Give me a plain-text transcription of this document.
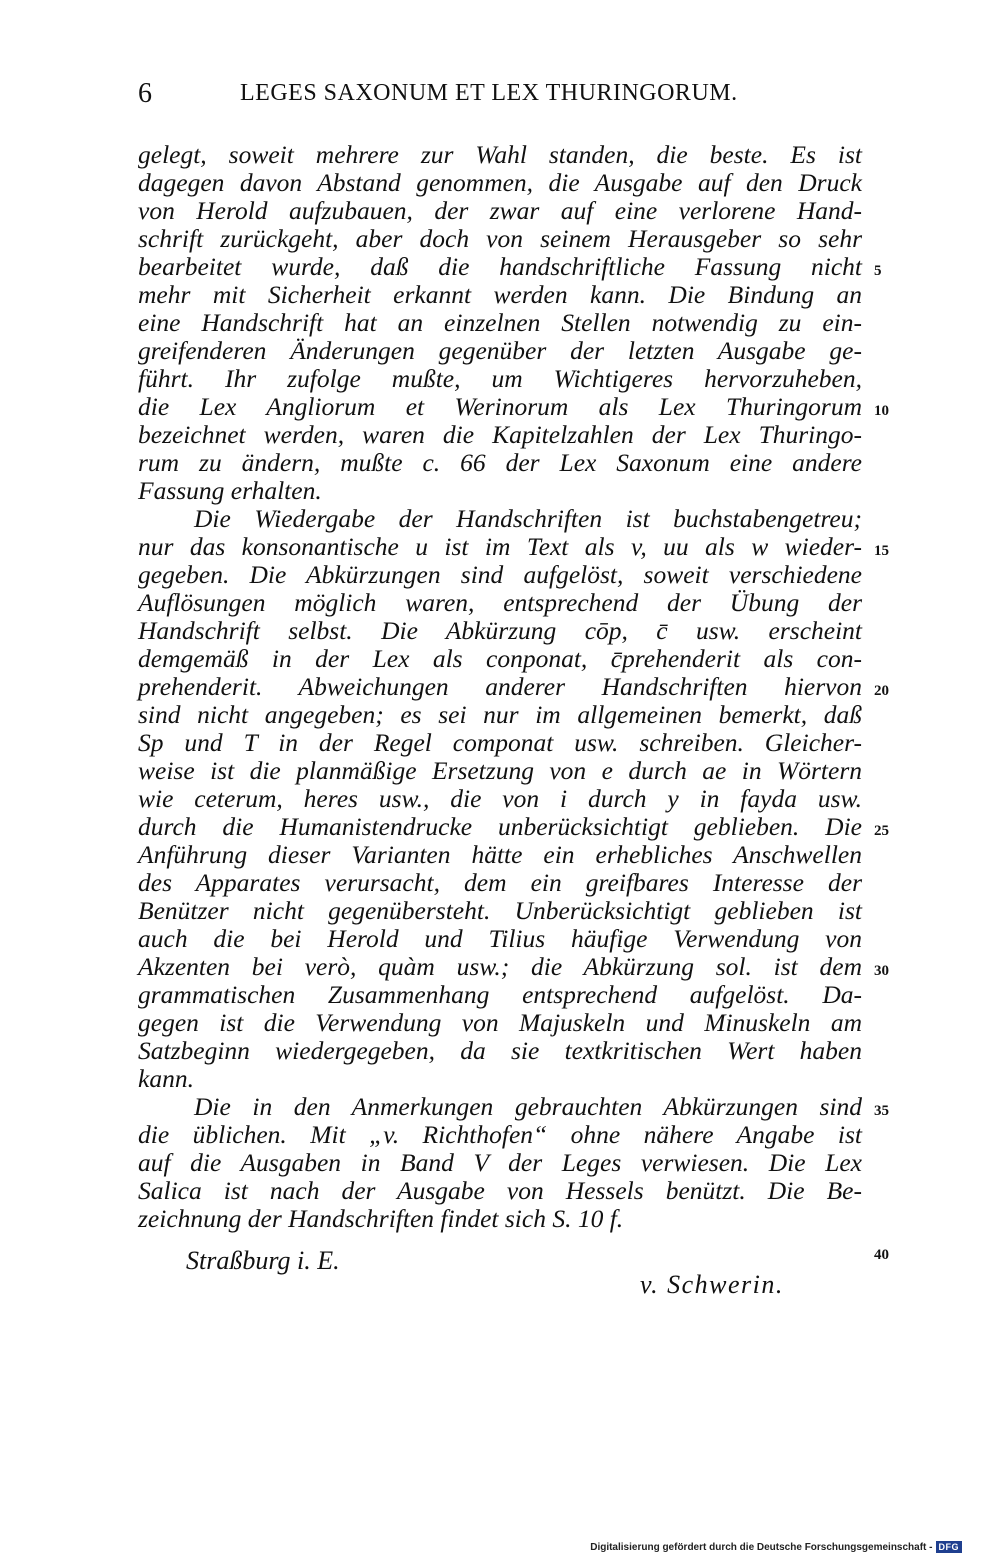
6	LEGES SAXONUM ET LEX THURINGORUM.
gelegt, soweit mehrere zur Wahl standen, die beste. Es ist
dagegen davon Abstand genommen, die Ausgabe auf den Druck
von Herold aufzubauen, der zwar auf eine verlorene Hand-
schrift zurückgeht, aber doch von seinem Herausgeber so sehr
bearbeitet wurde, daß die handschriftliche Fassung nicht
mehr mit Sicherheit erkannt werden kann. Die Bindung an
eine Handschrift hat an einzelnen Stellen notwendig zu ein-
greifenderen Änderungen gegenüber der letzten Ausgabe ge-
führt. Ihr zufolge mußte, um Wichtigeres hervorzuheben,
die Lex Angliorum et Werinorum als Lex Thuringorum
bezeichnet werden, waren die Kapitelzahlen der Lex Thuringo-
rum zu ändern, mußte c. 66 der Lex Saxonum eine andere
Fassung erhalten.
Die Wiedergabe der Handschriften ist buchstabengetreu;
nur das konsonantische u ist im Text als v, uu als w wieder-
gegeben. Die Abkürzungen sind aufgelöst, soweit verschiedene
Auflösungen möglich waren, entsprechend der Übung der
Handschrift selbst. Die Abkürzung cōp, c̄ usw. erscheint
demgemäß in der Lex als conponat, c̄prehenderit als con-
prehenderit. Abweichungen anderer Handschriften hiervon
sind nicht angegeben; es sei nur im allgemeinen bemerkt, daß
Sp und T in der Regel componat usw. schreiben. Gleicher-
weise ist die planmäßige Ersetzung von e durch ae in Wörtern
wie ceterum, heres usw., die von i durch y in fayda usw.
durch die Humanistendrucke unberücksichtigt geblieben. Die
Anführung dieser Varianten hätte ein erhebliches Anschwellen
des Apparates verursacht, dem ein greifbares Interesse der
Benützer nicht gegenübersteht. Unberücksichtigt geblieben ist
auch die bei Herold und Tilius häufige Verwendung von
Akzenten bei verò, quàm usw.; die Abkürzung sol. ist dem
grammatischen Zusammenhang entsprechend aufgelöst. Da-
gegen ist die Verwendung von Majuskeln und Minuskeln am
Satzbeginn wiedergegeben, da sie textkritischen Wert haben
kann.
Die in den Anmerkungen gebrauchten Abkürzungen sind
die üblichen. Mit „v. Richthofen“ ohne nähere Angabe ist
auf die Ausgaben in Band V der Leges verwiesen. Die Lex
Salica ist nach der Ausgabe von Hessels benützt. Die Be-
zeichnung der Handschriften findet sich S. 10 f.
5
10
15
20
25
30
35
40
Straßburg i. E.
v. Schwerin.
Digitalisierung gefördert durch die Deutsche Forschungsgemeinschaft - DFG
